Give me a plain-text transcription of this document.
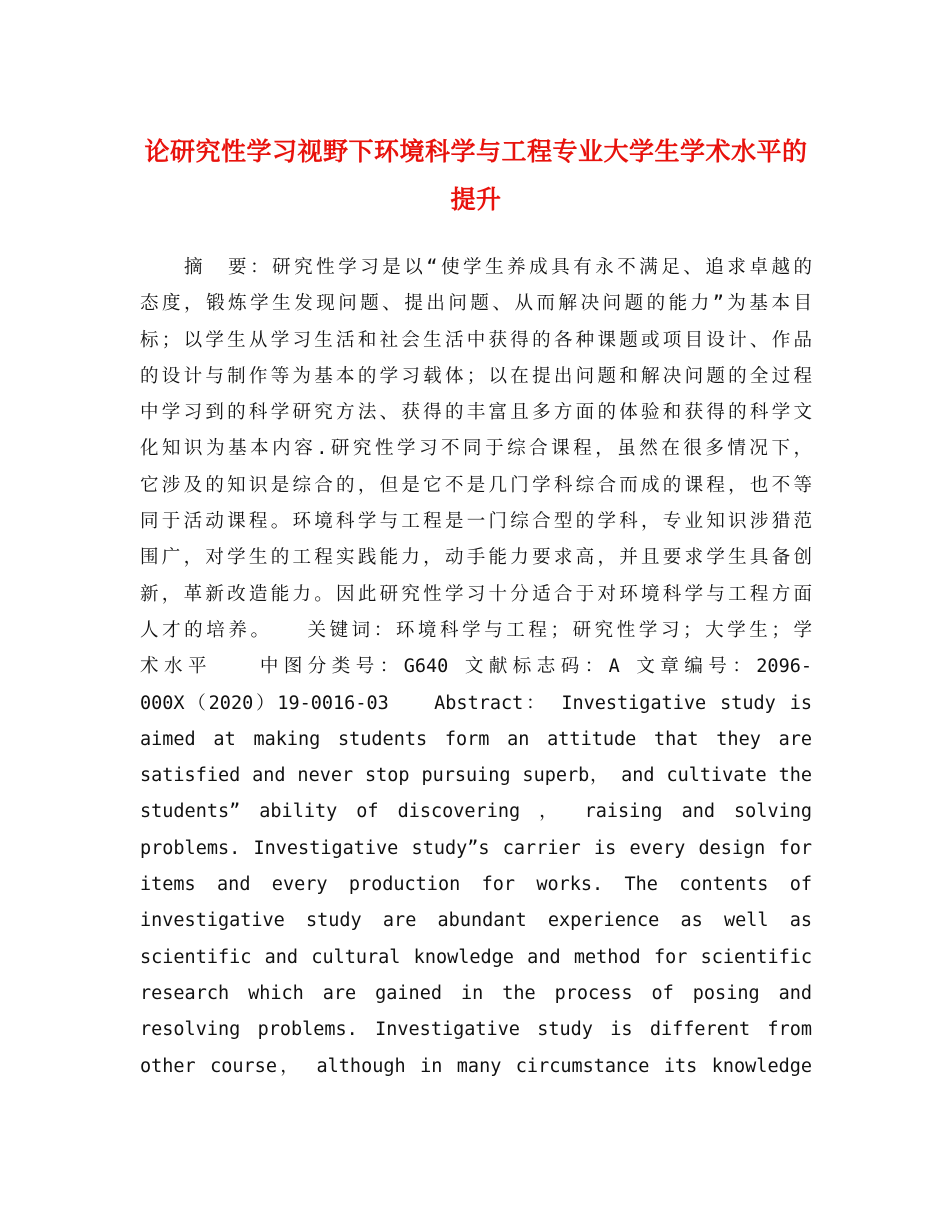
论研究性学习视野下环境科学与工程专业大学生学术水平的提升
摘　要：研究性学习是以“使学生养成具有永不满足、追求卓越的
态度，锻炼学生发现问题、提出问题、从而解决问题的能力”为基本目
标；以学生从学习生活和社会生活中获得的各种课题或项目设计、作品
的设计与制作等为基本的学习载体；以在提出问题和解决问题的全过程
中学习到的科学研究方法、获得的丰富且多方面的体验和获得的科学文
化知识为基本内容.研究性学习不同于综合课程，虽然在很多情况下，
它涉及的知识是综合的，但是它不是几门学科综合而成的课程，也不等
同于活动课程。环境科学与工程是一门综合型的学科，专业知识涉猎范
围广，对学生的工程实践能力，动手能力要求高，并且要求学生具备创
新，革新改造能力。因此研究性学习十分适合于对环境科学与工程方面
人才的培养。　　关键词：环境科学与工程；研究性学习；大学生；学
术水平　　中图分类号：G640 文献标志码：A 文章编号：2096-
000X（2020）19-0016-03　　Abstract： Investigative study is
aimed at making students form an attitude that they are
satisfied and never stop pursuing superb， and cultivate the
students” ability of discovering ， raising and solving
problems. Investigative study”s carrier is every design for
items and every production for works. The contents of
investigative study are abundant experience as well as
scientific and cultural knowledge and method for scientific
research which are gained in the process of posing and
resolving problems. Investigative study is different from
other course， although in many circumstance its knowledge
